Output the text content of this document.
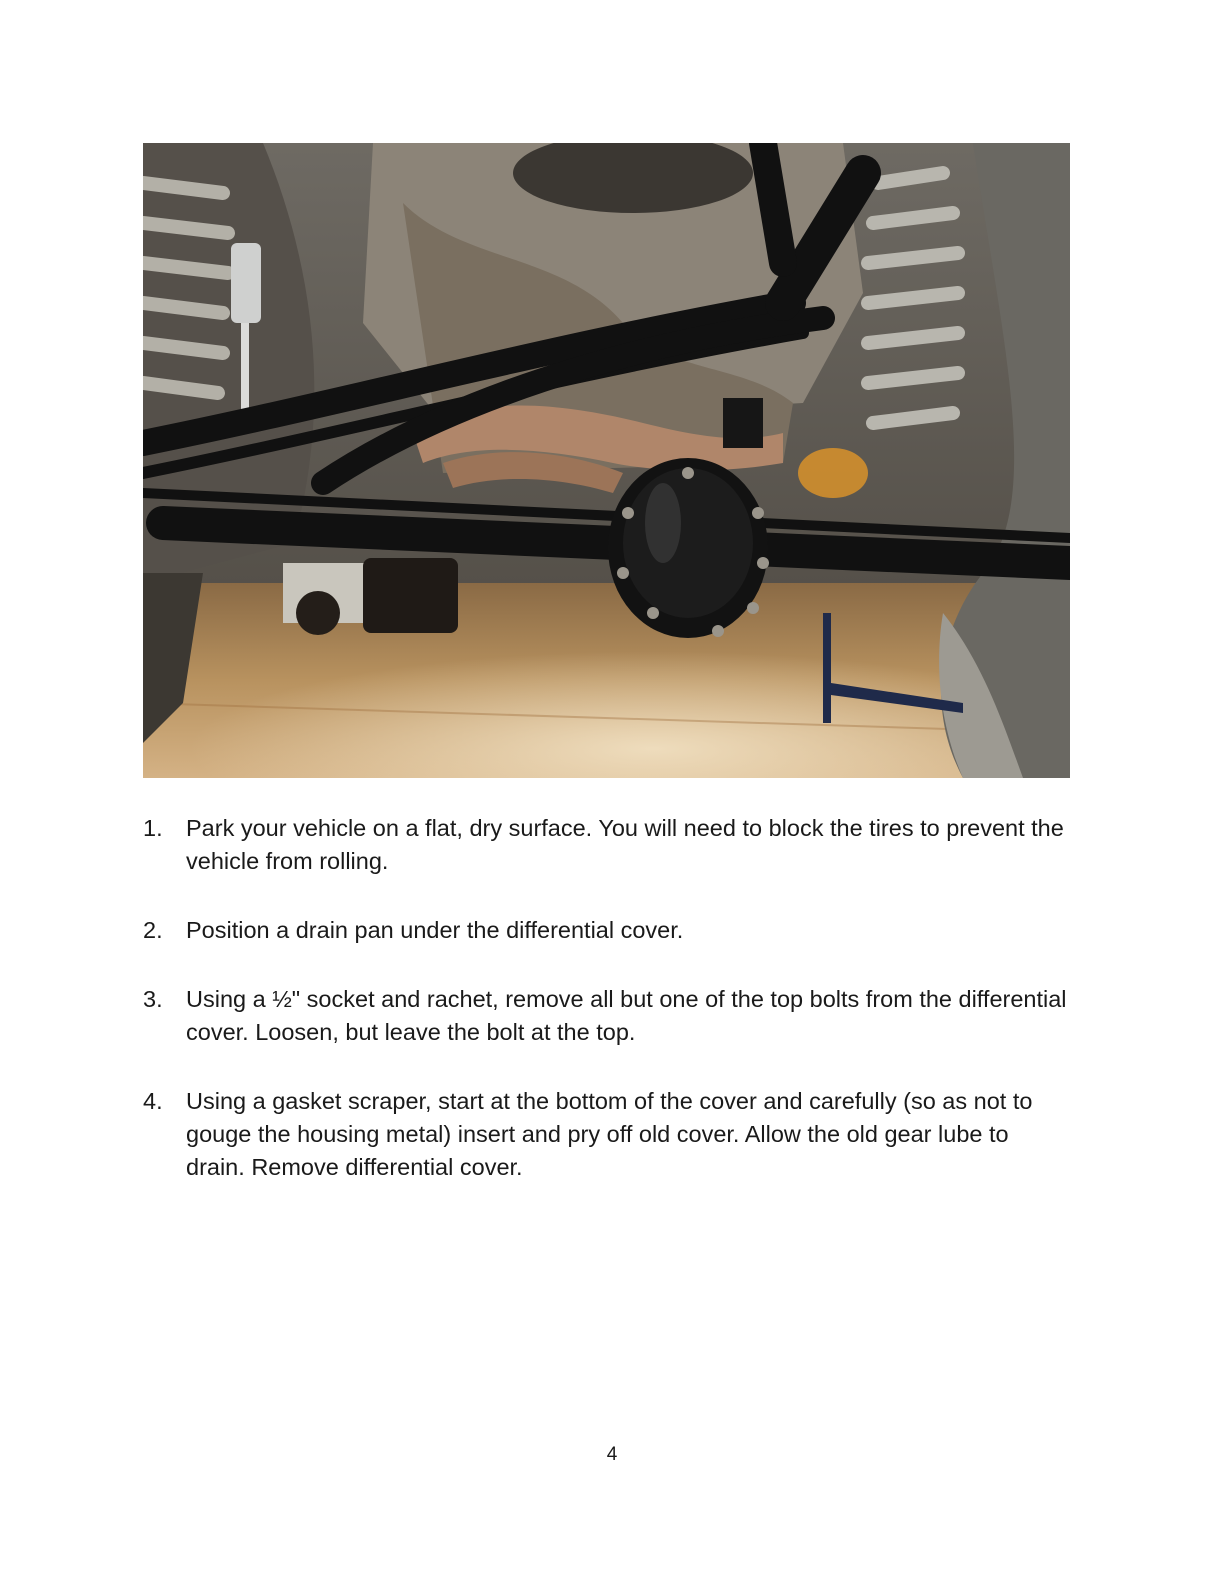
1. Park your vehicle on a flat, dry surface. You will need to block the tires to prevent the vehicle from rolling.
2. Position a drain pan under the differential cover.
3. Using a ½" socket and rachet, remove all but one of the top bolts from the differential cover. Loosen, but leave the bolt at the top.
4. Using a gasket scraper, start at the bottom of the cover and carefully (so as not to gouge the housing metal) insert and pry off old cover. Allow the old gear lube to drain. Remove differential cover.
4
